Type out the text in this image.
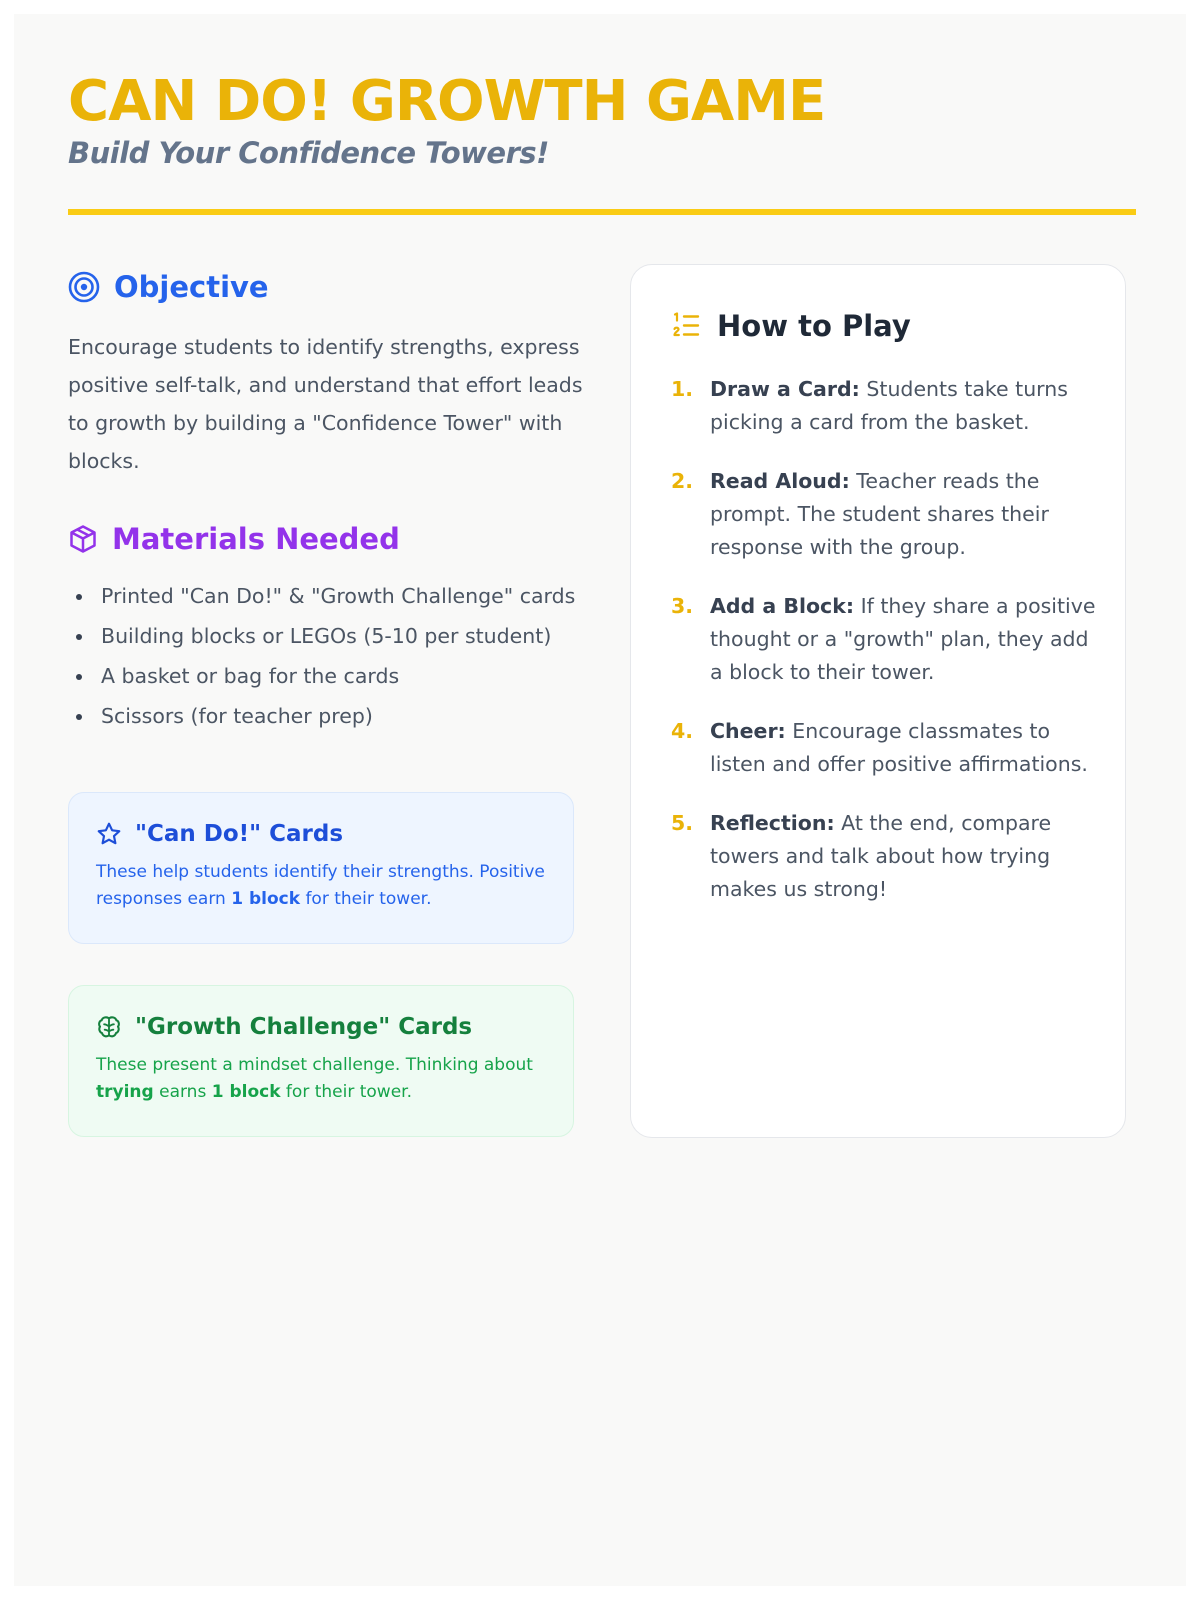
CAN DO! GROWTH GAME
Build Your Confidence Towers!
Objective

Encourage students to identify strengths, express positive self-talk, and understand that effort leads to growth by building a "Confidence Tower" with blocks.

Materials Needed
Printed "Can Do!" & "Growth Challenge" cards
Building blocks or LEGOs (5-10 per student)
A basket or bag for the cards
Scissors (for teacher prep)
"Can Do!" Cards

These help students identify their strengths. Positive responses earn 1 block for their tower.

"Growth Challenge" Cards

These present a mindset challenge. Thinking about trying earns 1 block for their tower.

How to Play
1. Draw a Card: Students take turns picking a card from the basket.
2. Read Aloud: Teacher reads the prompt. The student shares their response with the group.
3. Add a Block: If they share a positive thought or a "growth" plan, they add a block to their tower.
4. Cheer: Encourage classmates to listen and offer positive affirmations.
5. Reflection: At the end, compare towers and talk about how trying makes us strong!
